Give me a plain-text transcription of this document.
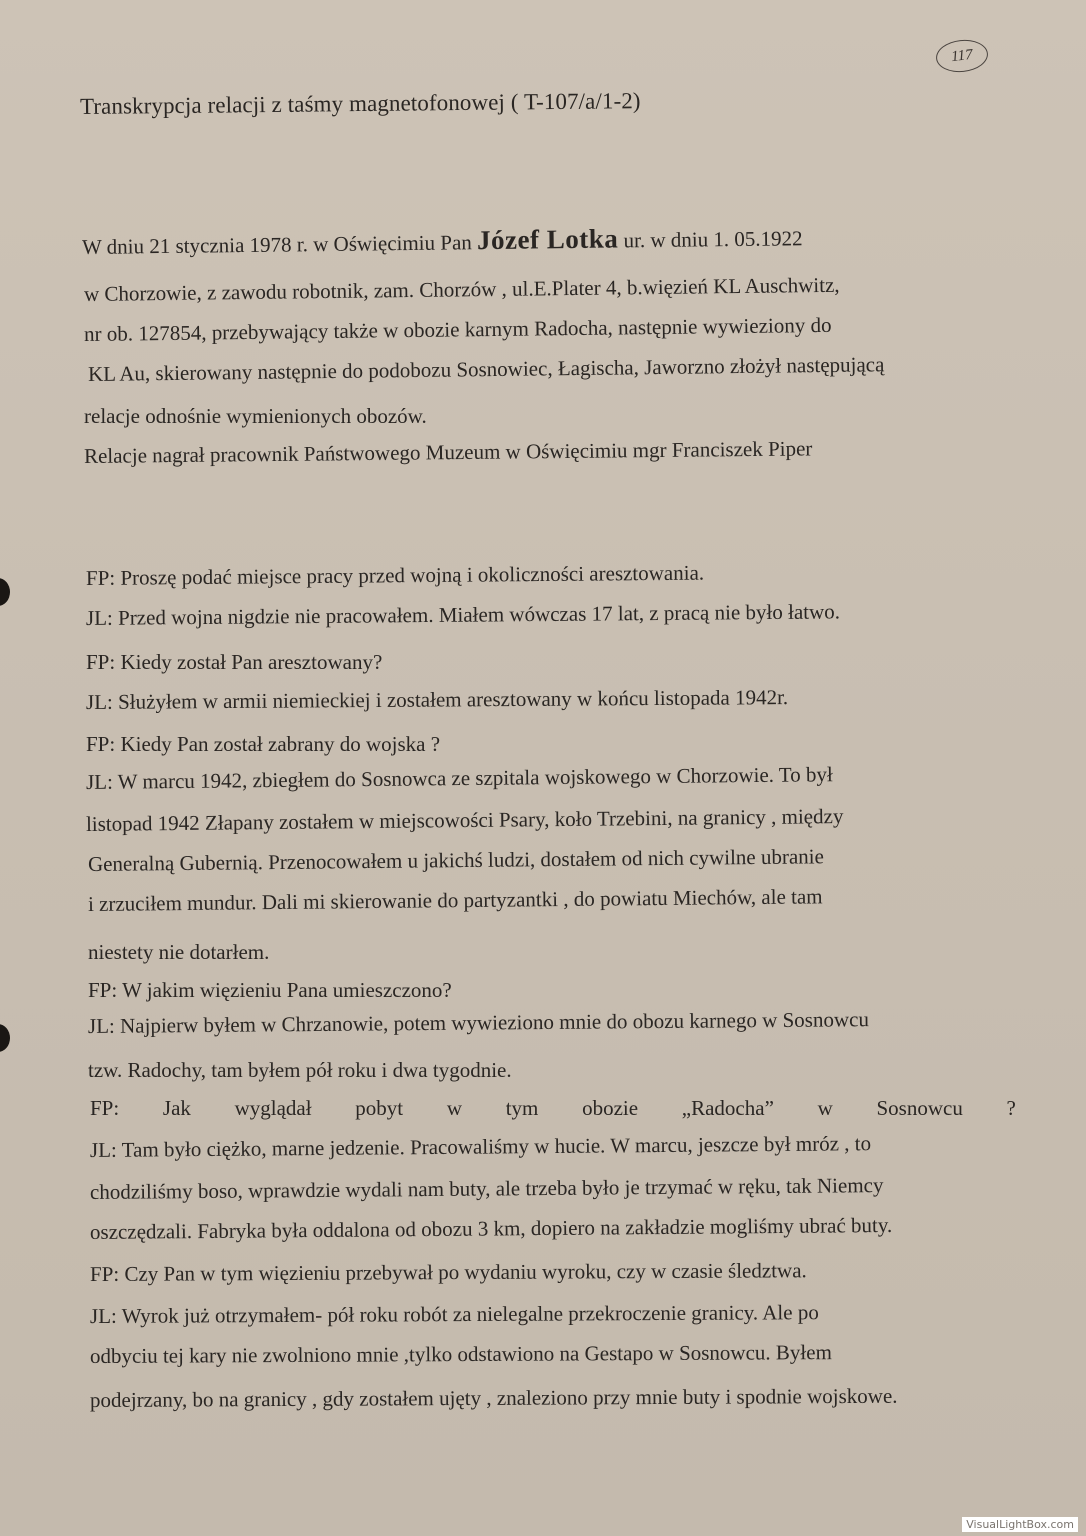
117
Transkrypcja relacji z taśmy magnetofonowej ( T-107/a/1-2)
W dniu 21 stycznia 1978 r. w Oświęcimiu Pan Józef Lotka ur. w dniu 1. 05.1922
w Chorzowie, z zawodu robotnik, zam. Chorzów , ul.E.Plater 4, b.więzień KL Auschwitz,
nr ob. 127854, przebywający także w obozie karnym Radocha, następnie wywieziony do
KL Au, skierowany następnie do podobozu Sosnowiec, Łagischa, Jaworzno złożył następującą
relacje odnośnie wymienionych obozów.
Relacje nagrał pracownik Państwowego Muzeum w Oświęcimiu mgr Franciszek Piper
FP: Proszę podać miejsce pracy przed wojną i okoliczności aresztowania.
JL: Przed wojna nigdzie nie pracowałem. Miałem wówczas 17 lat, z pracą nie było łatwo.
FP: Kiedy został Pan aresztowany?
JL: Służyłem w armii niemieckiej i zostałem aresztowany w końcu listopada 1942r.
FP: Kiedy Pan został zabrany do wojska ?
JL: W marcu 1942, zbiegłem do Sosnowca ze szpitala wojskowego w Chorzowie. To był
listopad 1942 Złapany zostałem w miejscowości Psary, koło Trzebini, na granicy , między
Generalną Gubernią. Przenocowałem u jakichś ludzi, dostałem od nich cywilne ubranie
i zrzuciłem mundur. Dali mi skierowanie do partyzantki , do powiatu Miechów, ale tam
niestety nie dotarłem.
FP: W jakim więzieniu Pana umieszczono?
JL: Najpierw byłem w Chrzanowie, potem wywieziono mnie do obozu karnego w Sosnowcu
tzw. Radochy, tam byłem pół roku i dwa tygodnie.
FP: Jak wyglądał pobyt w tym obozie „Radocha” w Sosnowcu ?
JL: Tam było ciężko, marne jedzenie. Pracowaliśmy w hucie. W marcu, jeszcze był mróz , to
chodziliśmy boso, wprawdzie wydali nam buty, ale trzeba było je trzymać w ręku, tak Niemcy
oszczędzali. Fabryka była oddalona od obozu 3 km, dopiero na zakładzie mogliśmy ubrać buty.
FP: Czy Pan w tym więzieniu przebywał po wydaniu wyroku, czy w czasie śledztwa.
JL: Wyrok już otrzymałem- pół roku robót za nielegalne przekroczenie granicy. Ale po
odbyciu tej kary nie zwolniono mnie ,tylko odstawiono na Gestapo w Sosnowcu. Byłem
podejrzany, bo na granicy , gdy zostałem ujęty , znaleziono przy mnie buty i spodnie wojskowe.
VisualLightBox.com
